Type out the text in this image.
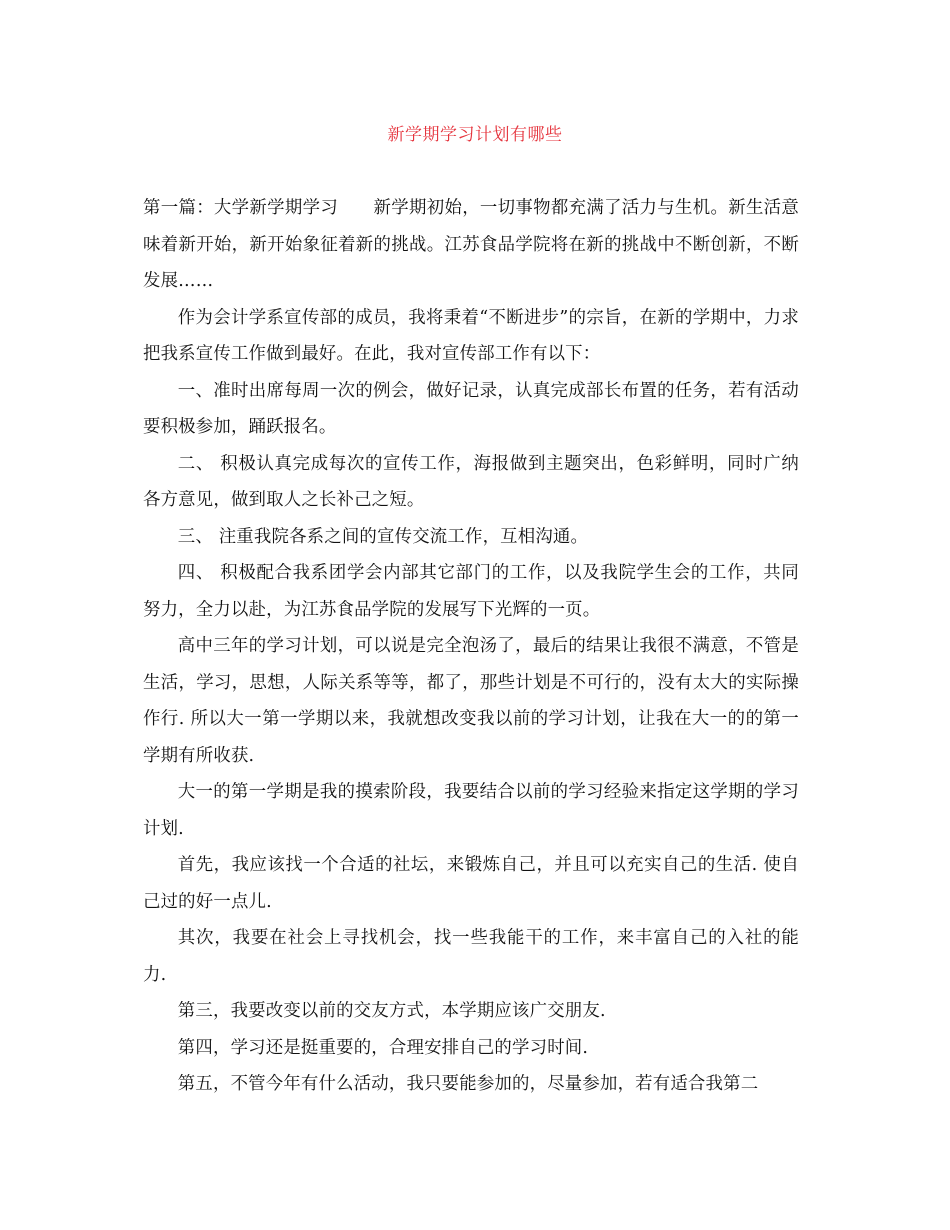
新学期学习计划有哪些

第一篇：大学新学期学习　　新学期初始，一切事物都充满了活力与生机。新生活意味着新开始，新开始象征着新的挑战。江苏食品学院将在新的挑战中不断创新，不断发展……

作为会计学系宣传部的成员，我将秉着“不断进步”的宗旨，在新的学期中，力求把我系宣传工作做到最好。在此，我对宣传部工作有以下：

一、准时出席每周一次的例会，做好记录，认真完成部长布置的任务，若有活动要积极参加，踊跃报名。

二、 积极认真完成每次的宣传工作，海报做到主题突出，色彩鲜明，同时广纳各方意见，做到取人之长补己之短。

三、 注重我院各系之间的宣传交流工作，互相沟通。

四、 积极配合我系团学会内部其它部门的工作，以及我院学生会的工作，共同努力，全力以赴，为江苏食品学院的发展写下光辉的一页。

高中三年的学习计划，可以说是完全泡汤了，最后的结果让我很不满意，不管是生活，学习，思想，人际关系等等，都了，那些计划是不可行的，没有太大的实际操作行. 所以大一第一学期以来，我就想改变我以前的学习计划，让我在大一的的第一学期有所收获.

大一的第一学期是我的摸索阶段，我要结合以前的学习经验来指定这学期的学习计划.

首先，我应该找一个合适的社坛，来锻炼自己，并且可以充实自己的生活. 使自己过的好一点儿.

其次，我要在社会上寻找机会，找一些我能干的工作，来丰富自己的入社的能力.

第三，我要改变以前的交友方式，本学期应该广交朋友.

第四，学习还是挺重要的，合理安排自己的学习时间.

第五，不管今年有什么活动，我只要能参加的，尽量参加，若有适合我第二
